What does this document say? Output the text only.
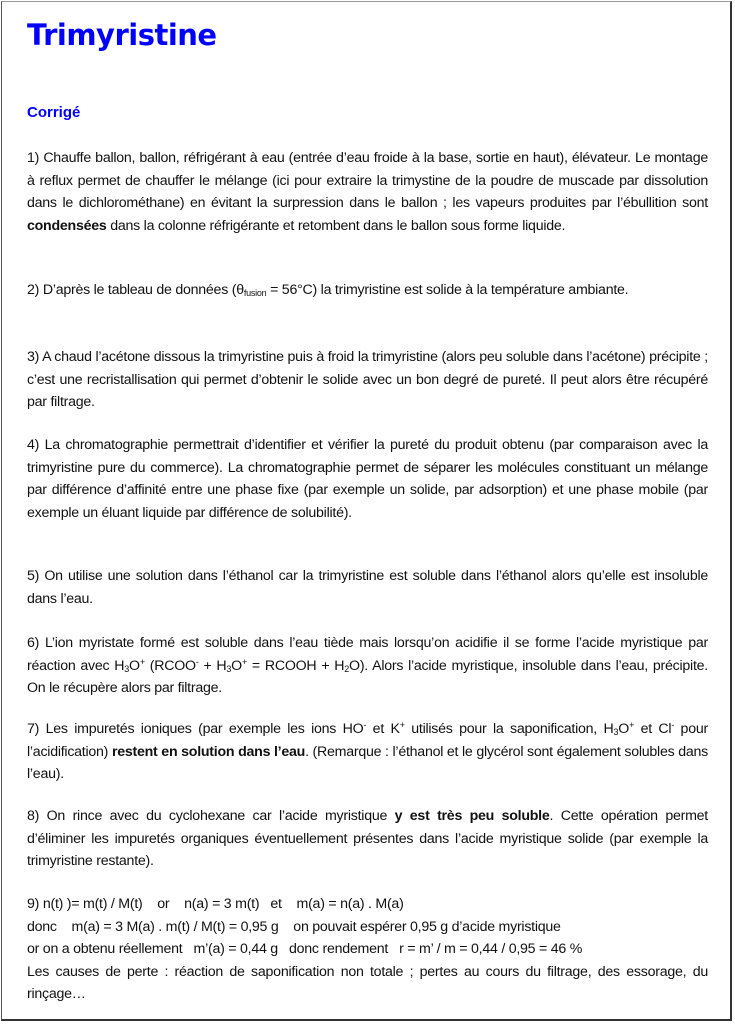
Trimyristine
Corrigé

1) Chauffe ballon, ballon, réfrigérant à eau (entrée d’eau froide à la base, sortie en haut), élévateur. Le montage à reflux permet de chauffer le mélange (ici pour extraire la trimystine de la poudre de muscade par dissolution dans le dichlorométhane) en évitant la surpression dans le ballon ; les vapeurs produites par l’ébullition sont condensées dans la colonne réfrigérante et retombent dans le ballon sous forme liquide.

2) D’après le tableau de données $(\theta_{fusion} = 56^\circ C)$ la trimyristine est solide à la température ambiante.

3) A chaud l’acétone dissous la trimyristine puis à froid la trimyristine (alors peu soluble dans l’acétone) précipite ; c’est une recristallisation qui permet d’obtenir le solide avec un bon degré de pureté. Il peut alors être récupéré par filtrage.

4) La chromatographie permettrait d’identifier et vérifier la pureté du produit obtenu (par comparaison avec la trimyristine pure du commerce). La chromatographie permet de séparer les molécules constituant un mélange par différence d’affinité entre une phase fixe (par exemple un solide, par adsorption) et une phase mobile (par exemple un éluant liquide par différence de solubilité).

5) On utilise une solution dans l’éthanol car la trimyristine est soluble dans l’éthanol alors qu’elle est insoluble dans l’eau.

6) L’ion myristate formé est soluble dans l’eau tiède mais lorsqu’on acidifie il se forme l’acide myristique par réaction avec $H_3O^+$ (RCOO- + $H_3O^+$ = RCOOH + $H_2O$). Alors l’acide myristique, insoluble dans l’eau, précipite. On le récupère alors par filtrage.

7) Les impuretés ioniques (par exemple les ions HO- et K+ utilisés pour la saponification, $H_3O^+$ et Cl- pour l’acidification) restent en solution dans l’eau. (Remarque : l’éthanol et le glycérol sont également solubles dans l’eau).

8) On rince avec du cyclohexane car l’acide myristique y est très peu soluble. Cette opération permet d’éliminer les impuretés organiques éventuellement présentes dans l’acide myristique solide (par exemple la trimyristine restante).

9) n(t) )= m(t) / M(t)    or    n(a) = 3 m(t)   et    m(a) = n(a) . M(a)
donc    m(a) = 3 M(a) . m(t) / M(t) = 0,95 g    on pouvait espérer 0,95 g d’acide myristique
or on a obtenu réellement   m’(a) = 0,44 g   donc rendement   r = m’ / m = 0,44 / 0,95 = 46 %

Les causes de perte : réaction de saponification non totale ; pertes au cours du filtrage, des essorage, du rinçage…
